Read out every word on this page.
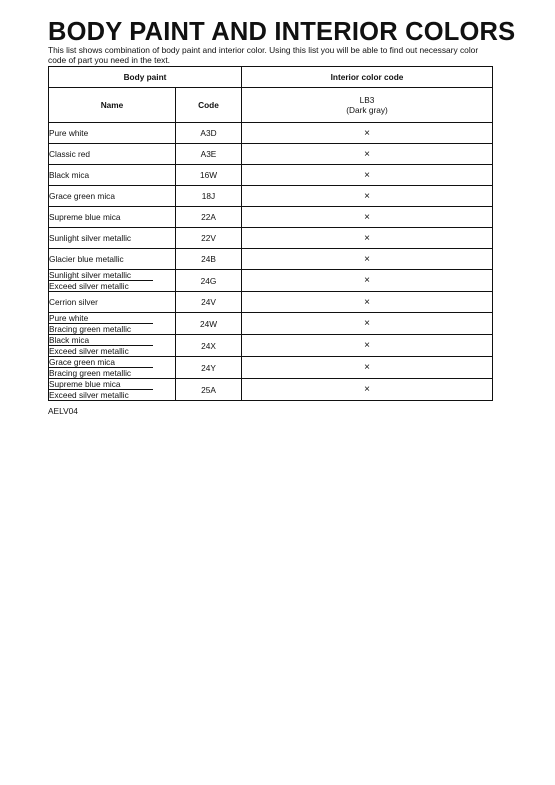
BODY PAINT AND INTERIOR COLORS
This list shows combination of body paint and interior color. Using this list you will be able to find out necessary color code of part you need in the text.
Body paint		Interior color code
Name	Code	LB3
(Dark gray)

Pure white	A3D	×

Classic red	A3E	×

Black mica	16W	×

Grace green mica	18J	×

Supreme blue mica	22A	×

Sunlight silver metallic	22V	×

Glacier blue metallic	24B	×

Sunlight silver metallic
Exceed silver metallic	24G	×

Cerrion silver	24V	×

Pure white
Bracing green metallic	24W	×

Black mica
Exceed silver metallic	24X	×

Grace green mica
Bracing green metallic	24Y	×

Supreme blue mica
Exceed silver metallic	25A	×
AELV04
